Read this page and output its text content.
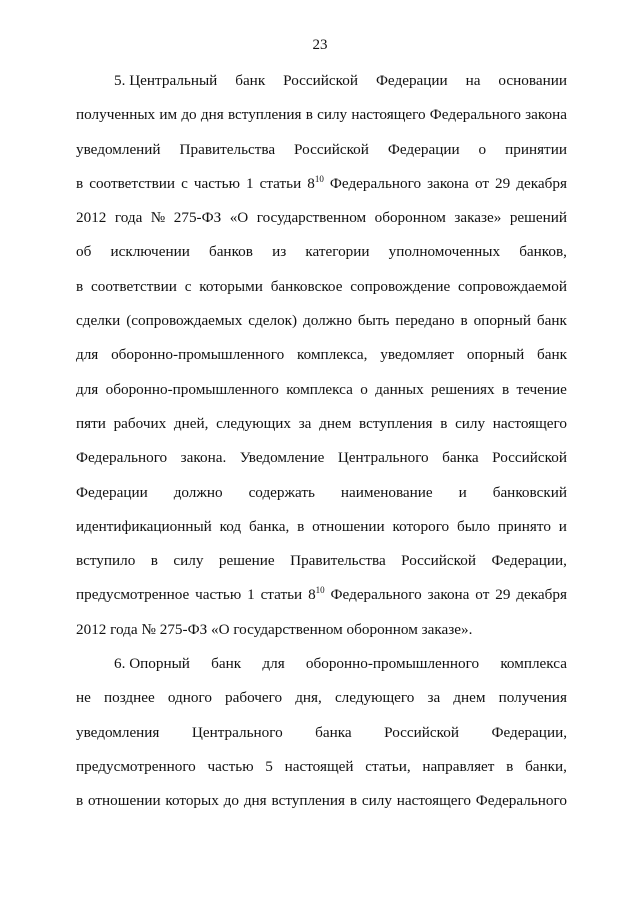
23
5. Центральный банк Российской Федерации на основании
полученных им до дня вступления в силу настоящего Федерального закона
уведомлений Правительства Российской Федерации о принятии
в соответствии с частью 1 статьи $8^{10}$ Федерального закона от 29 декабря
2012 года № 275-ФЗ «О государственном оборонном заказе» решений
об исключении банков из категории уполномоченных банков,
в соответствии с которыми банковское сопровождение сопровождаемой
сделки (сопровождаемых сделок) должно быть передано в опорный банк
для оборонно-промышленного комплекса, уведомляет опорный банк
для оборонно-промышленного комплекса о данных решениях в течение
пяти рабочих дней, следующих за днем вступления в силу настоящего
Федерального закона. Уведомление Центрального банка Российской
Федерации должно содержать наименование и банковский
идентификационный код банка, в отношении которого было принято и
вступило в силу решение Правительства Российской Федерации,
предусмотренное частью 1 статьи $8^{10}$ Федерального закона от 29 декабря
2012 года № 275-ФЗ «О государственном оборонном заказе».
6. Опорный банк для оборонно-промышленного комплекса
не позднее одного рабочего дня, следующего за днем получения
уведомления Центрального банка Российской Федерации,
предусмотренного частью 5 настоящей статьи, направляет в банки,
в отношении которых до дня вступления в силу настоящего Федерального
